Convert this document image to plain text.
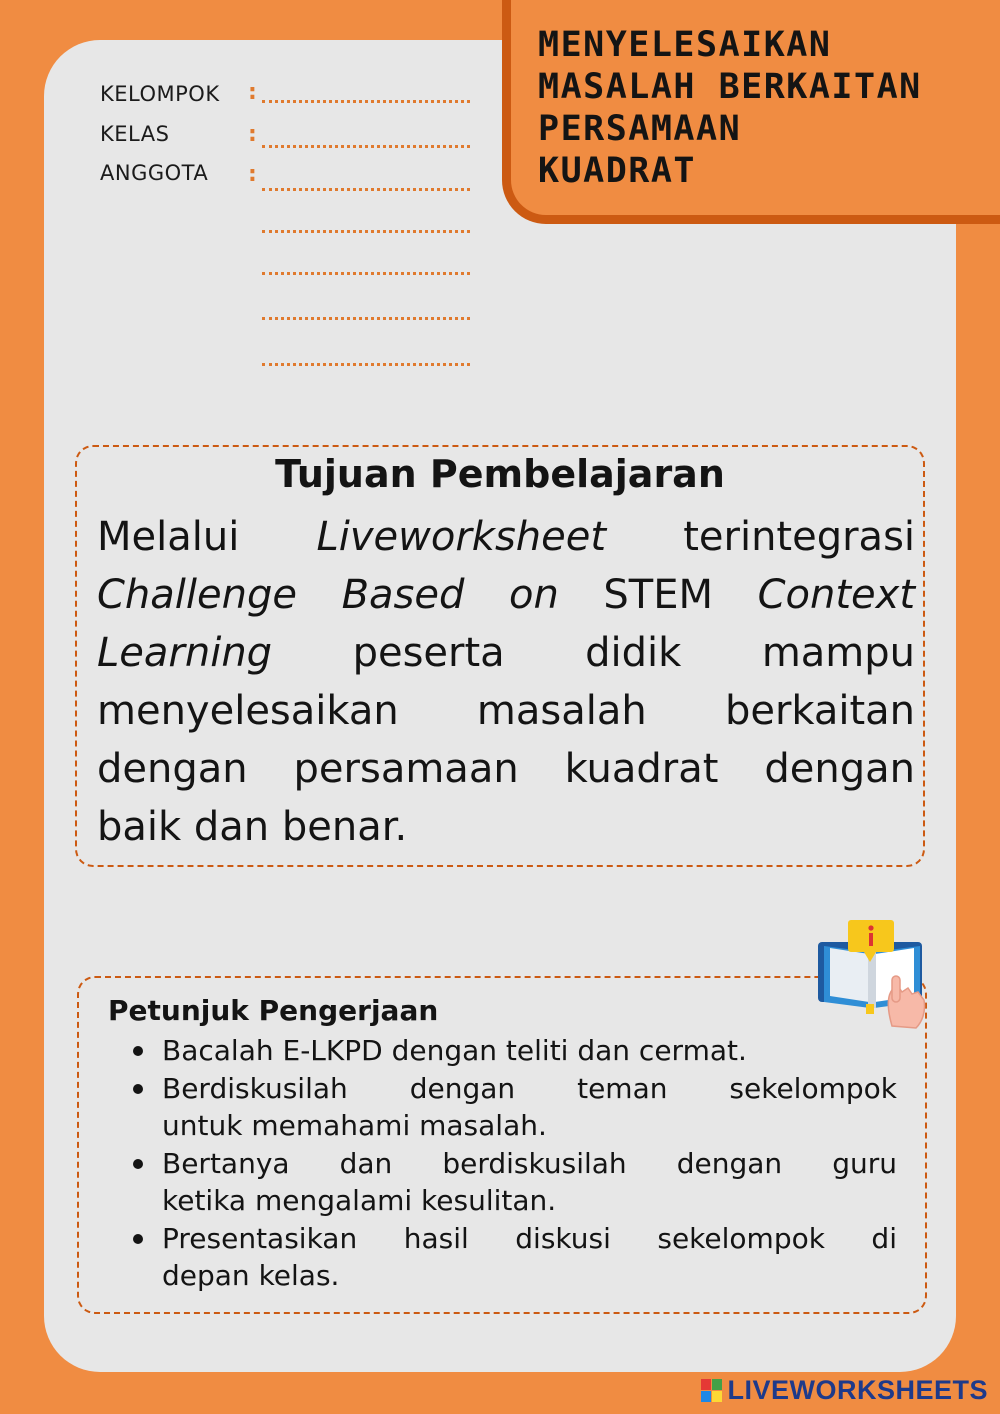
MENYELESAIKAN
MASALAH BERKAITAN
PERSAMAAN
KUADRAT
KELOMPOK :
KELAS	:
ANGGOTA :
Tujuan Pembelajaran
Melalui Liveworksheet terintegrasi
Challenge Based on STEM Context
Learning peserta didik mampu
menyelesaikan masalah berkaitan
dengan persamaan kuadrat dengan
baik dan benar.
Petunjuk Pengerjaan
Bacalah E-LKPD dengan teliti dan cermat.
Berdiskusilah dengan teman sekelompok
untuk memahami masalah.
Bertanya dan berdiskusilah dengan guru
ketika mengalami kesulitan.
Presentasikan hasil diskusi sekelompok di
depan kelas.
LIVEWORKSHEETS
